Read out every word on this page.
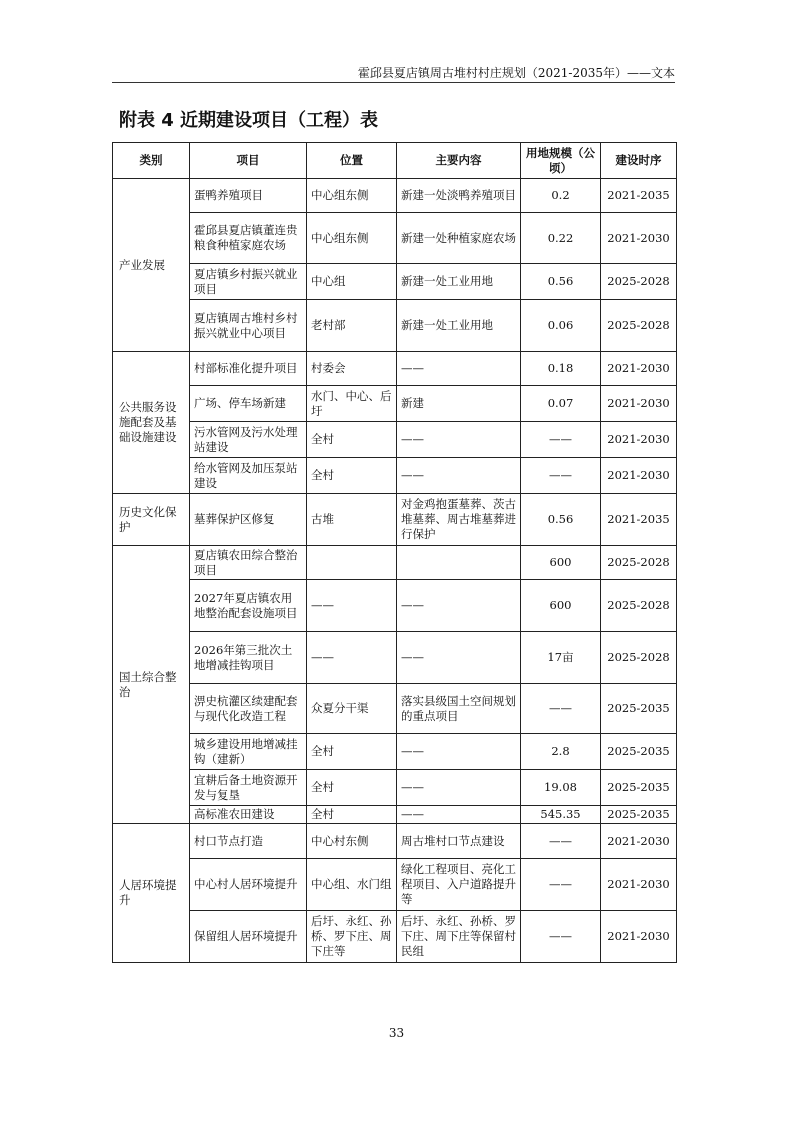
霍邱县夏店镇周古堆村村庄规划（2021-2035年）——文本
附表 4 近期建设项目（工程）表
类别	项目	位置	主要内容	用地规模（公顷）	建设时序
产业发展	蛋鸭养殖项目	中心组东侧	新建一处淡鸭养殖项目	0.2	2021-2035
	霍邱县夏店镇董连贵粮食种植家庭农场	中心组东侧	新建一处种植家庭农场	0.22	2021-2030
	夏店镇乡村振兴就业项目	中心组	新建一处工业用地	0.56	2025-2028
	夏店镇周古堆村乡村振兴就业中心项目	老村部	新建一处工业用地	0.06	2025-2028
公共服务设施配套及基础设施建设	村部标准化提升项目	村委会	——	0.18	2021-2030
	广场、停车场新建	水门、中心、后圩	新建	0.07	2021-2030
	污水管网及污水处理站建设	全村	——	——	2021-2030
	给水管网及加压泵站建设	全村	——	——	2021-2030
历史文化保护	墓葬保护区修复	古堆	对金鸡抱蛋墓葬、茨古堆墓葬、周古堆墓葬进行保护	0.56	2021-2035
国土综合整治	夏店镇农田综合整治项目			600	2025-2028
	2027年夏店镇农用地整治配套设施项目	——	——	600	2025-2028
	2026年第三批次土地增减挂钩项目	——	——	17亩	2025-2028
	淠史杭灌区续建配套与现代化改造工程	众夏分干渠	落实县级国土空间规划的重点项目	——	2025-2035
	城乡建设用地增减挂钩（建新）	全村	——	2.8	2025-2035
	宜耕后备土地资源开发与复垦	全村	——	19.08	2025-2035
	高标准农田建设	全村	——	545.35	2025-2035
人居环境提升	村口节点打造	中心村东侧	周古堆村口节点建设	——	2021-2030
	中心村人居环境提升	中心组、水门组	绿化工程项目、亮化工程项目、入户道路提升等	——	2021-2030
	保留组人居环境提升	后圩、永红、孙桥、罗下庄、周下庄等	后圩、永红、孙桥、罗下庄、周下庄等保留村民组	——	2021-2030
33
